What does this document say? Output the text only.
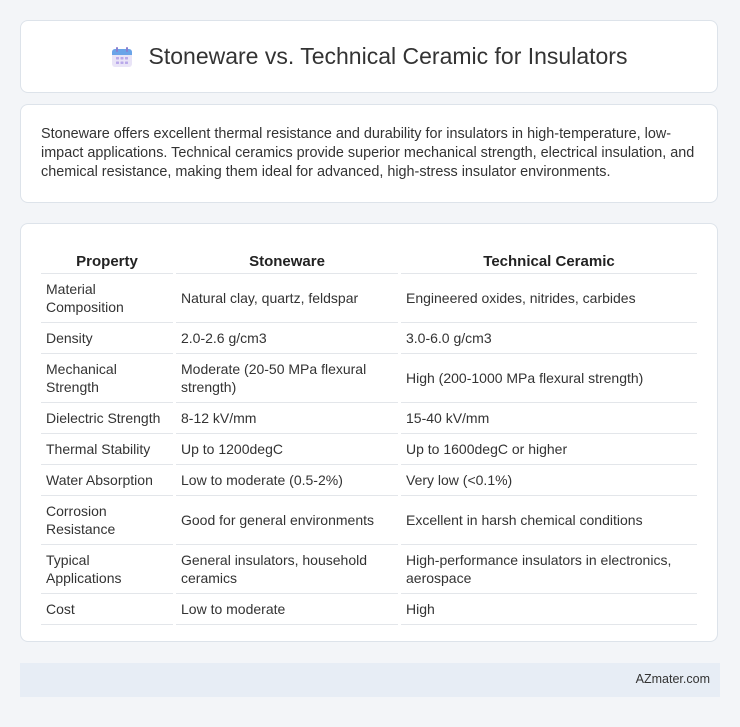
Stoneware vs. Technical Ceramic for Insulators

Stoneware offers excellent thermal resistance and durability for insulators in high-temperature, low-impact applications. Technical ceramics provide superior mechanical strength, electrical insulation, and chemical resistance, making them ideal for advanced, high-stress insulator environments.

Property	Stoneware	Technical Ceramic
Material Composition	Natural clay, quartz, feldspar	Engineered oxides, nitrides, carbides
Density	2.0-2.6 g/cm3	3.0-6.0 g/cm3
Mechanical Strength	Moderate (20-50 MPa flexural strength)	High (200-1000 MPa flexural strength)
Dielectric Strength	8-12 kV/mm	15-40 kV/mm
Thermal Stability	Up to 1200degC	Up to 1600degC or higher
Water Absorption	Low to moderate (0.5-2%)	Very low (<0.1%)
Corrosion Resistance	Good for general environments	Excellent in harsh chemical conditions
Typical Applications	General insulators, household ceramics	High-performance insulators in electronics, aerospace
Cost	Low to moderate	High
AZmater.com
